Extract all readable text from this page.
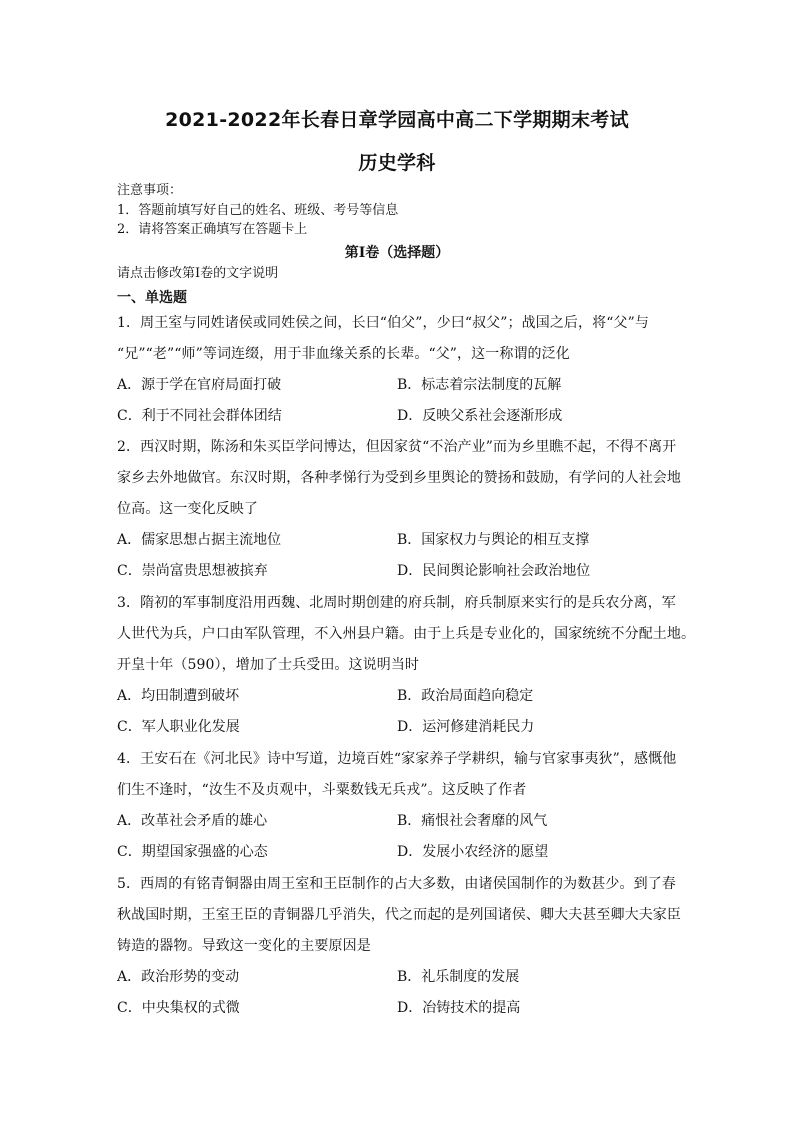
2021-2022年长春日章学园高中高二下学期期末考试
历史学科
注意事项：
1．答题前填写好自己的姓名、班级、考号等信息
2．请将答案正确填写在答题卡上
第I卷（选择题）
请点击修改第I卷的文字说明
一、单选题
1．周王室与同姓诸侯或同姓侯之间，长曰“伯父”，少曰“叔父”；战国之后，将“父”与
“兄”“老”“师”等词连缀，用于非血缘关系的长辈。“父”，这一称谓的泛化
A．源于学在官府局面打破	B．标志着宗法制度的瓦解
C．利于不同社会群体团结	D．反映父系社会逐渐形成
2．西汉时期，陈汤和朱买臣学问博达，但因家贫“不治产业”而为乡里瞧不起，不得不离开
家乡去外地做官。东汉时期，各种孝悌行为受到乡里舆论的赞扬和鼓励，有学问的人社会地
位高。这一变化反映了
A．儒家思想占据主流地位	B．国家权力与舆论的相互支撑
C．崇尚富贵思想被摈弃	D．民间舆论影响社会政治地位
3．隋初的军事制度沿用西魏、北周时期创建的府兵制，府兵制原来实行的是兵农分离，军
人世代为兵，户口由军队管理，不入州县户籍。由于上兵是专业化的，国家统统不分配土地。
开皇十年（590），增加了士兵受田。这说明当时
A．均田制遭到破坏	B．政治局面趋向稳定
C．军人职业化发展	D．运河修建消耗民力
4．王安石在《河北民》诗中写道，边境百姓“家家养子学耕织，输与官家事夷狄”，感慨他
们生不逢时，“汝生不及贞观中，斗粟数钱无兵戎”。这反映了作者
A．改革社会矛盾的雄心	B．痛恨社会奢靡的风气
C．期望国家强盛的心态	D．发展小农经济的愿望
5．西周的有铭青铜器由周王室和王臣制作的占大多数，由诸侯国制作的为数甚少。到了春
秋战国时期，王室王臣的青铜器几乎消失，代之而起的是列国诸侯、卿大夫甚至卿大夫家臣
铸造的器物。导致这一变化的主要原因是
A．政治形势的变动	B．礼乐制度的发展
C．中央集权的式微	D．冶铸技术的提高
